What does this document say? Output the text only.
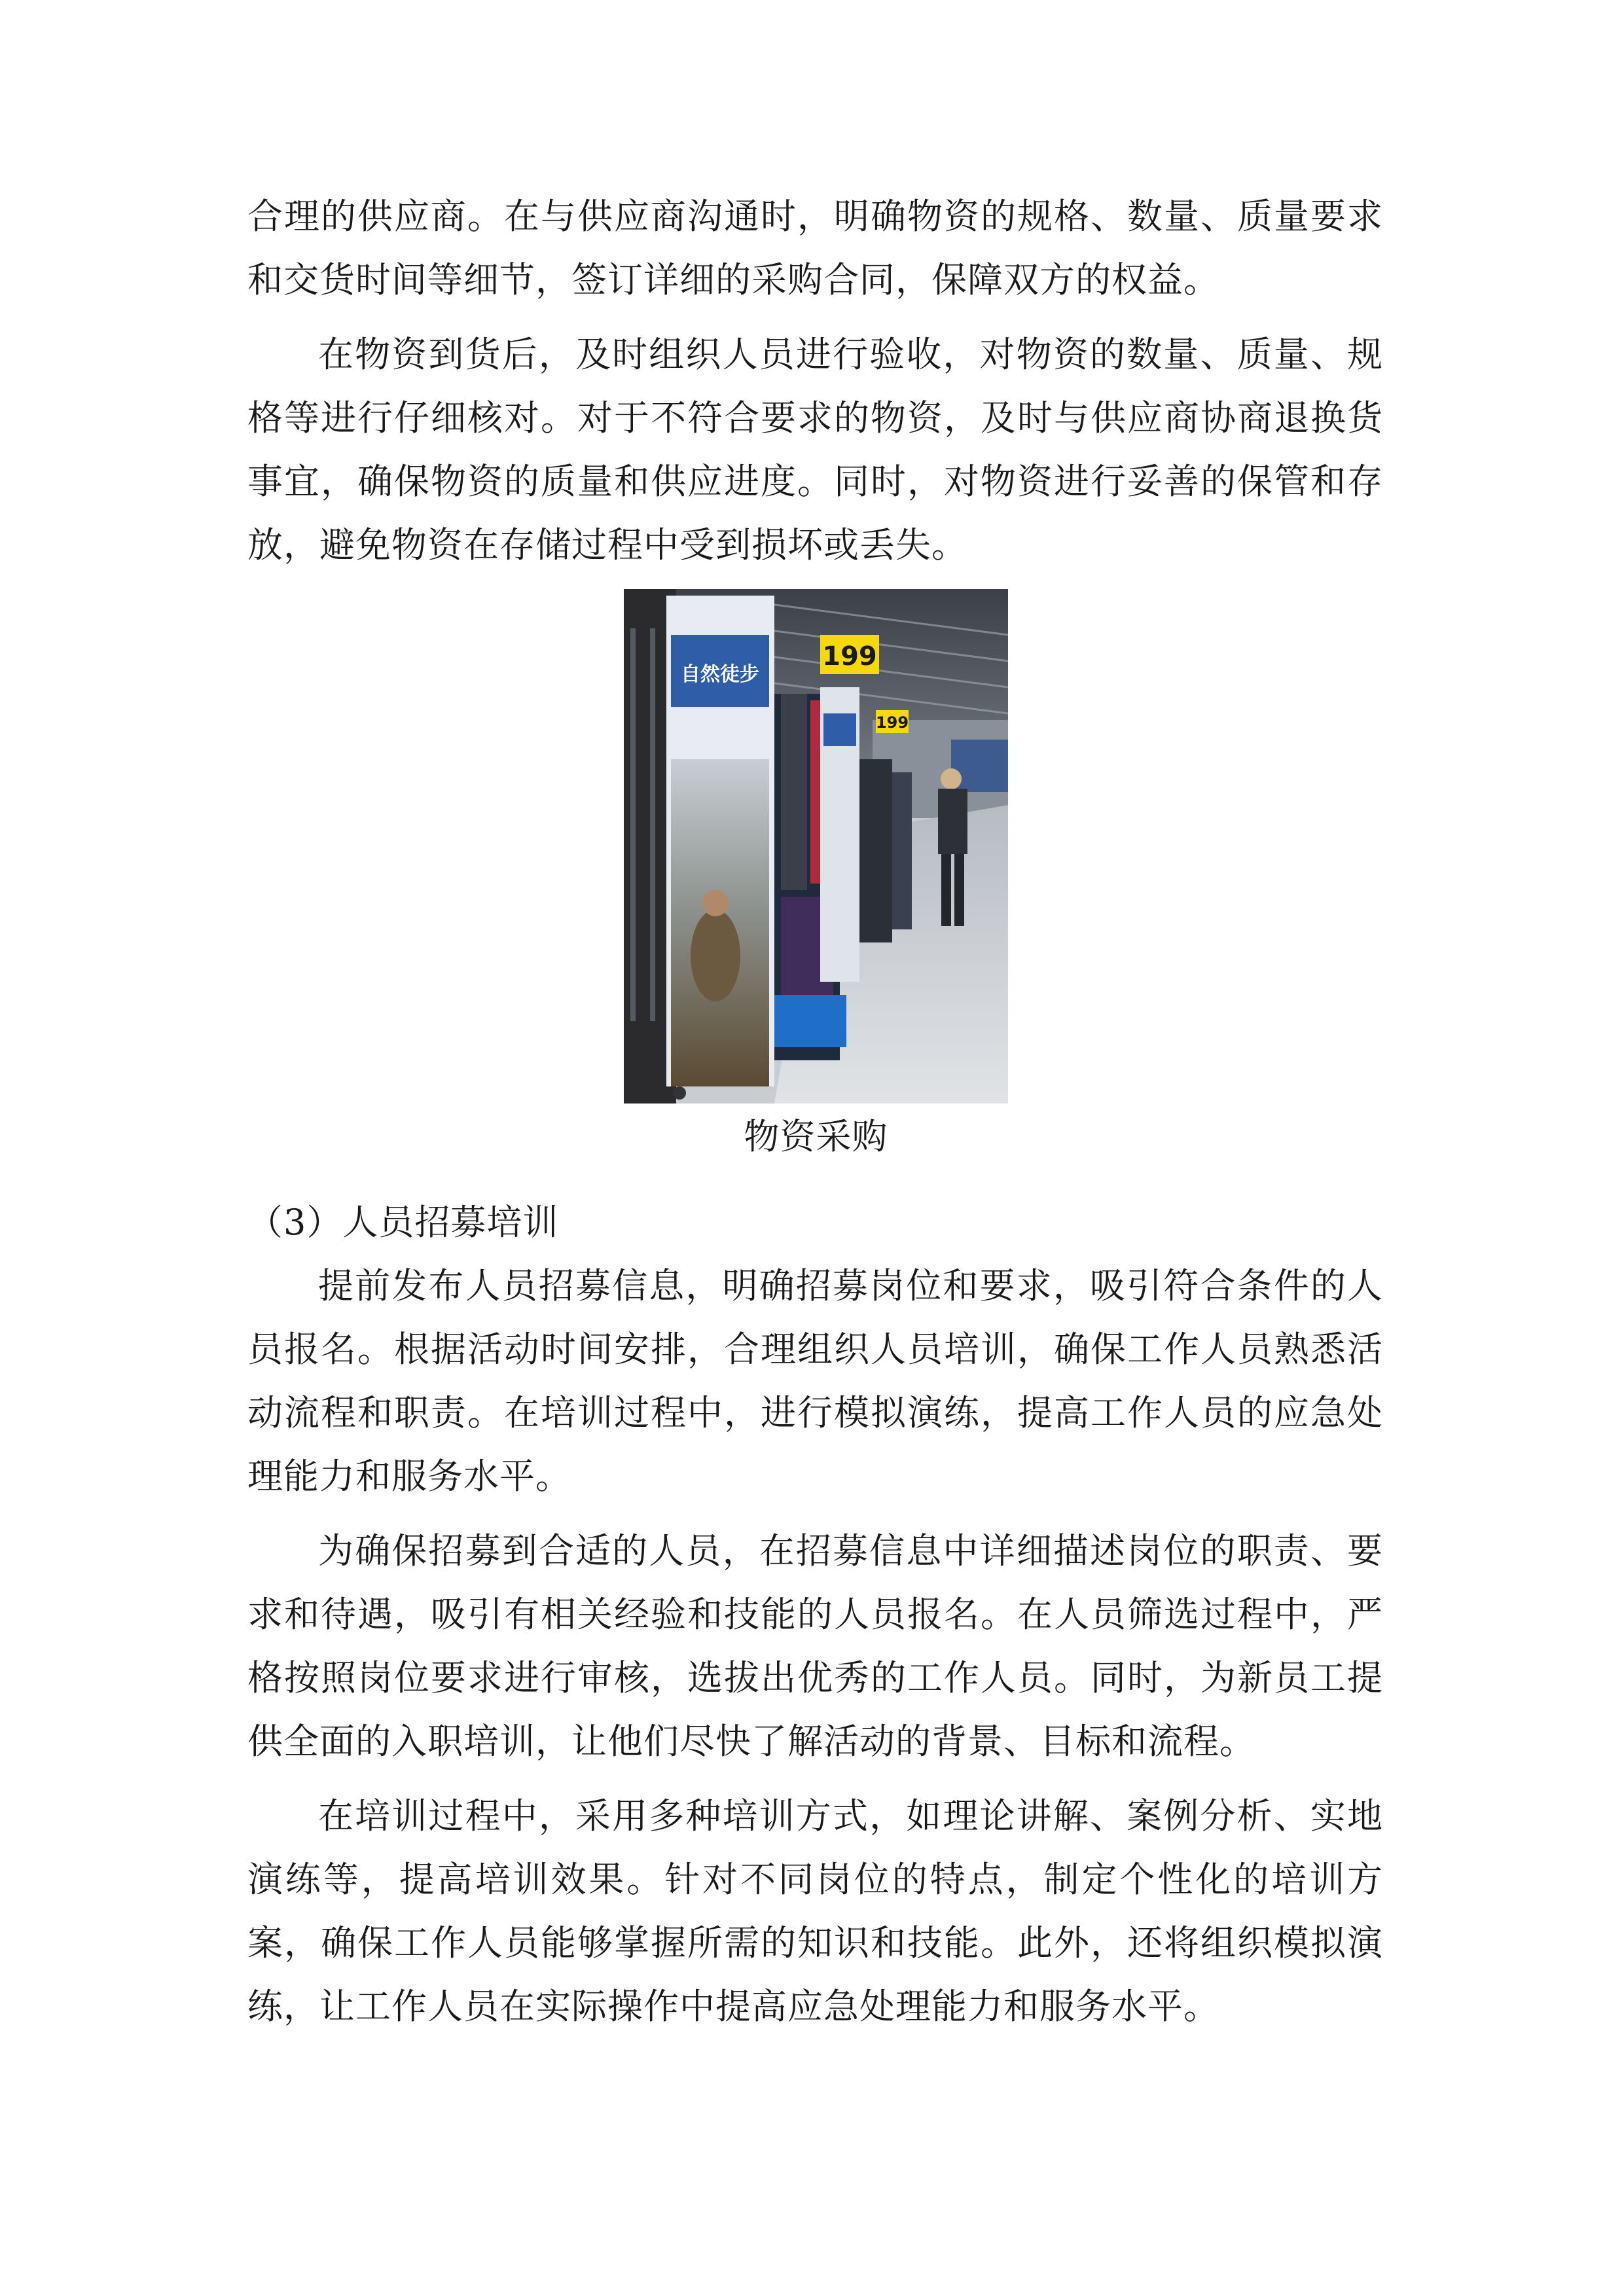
合理的供应商。在与供应商沟通时，明确物资的规格、数量、质量要求和交货时间等细节，签订详细的采购合同，保障双方的权益。

在物资到货后，及时组织人员进行验收，对物资的数量、质量、规格等进行仔细核对。对于不符合要求的物资，及时与供应商协商退换货事宜，确保物资的质量和供应进度。同时，对物资进行妥善的保管和存放，避免物资在存储过程中受到损坏或丢失。

自然徒步
199
199

物资采购

（3）人员招募培训

提前发布人员招募信息，明确招募岗位和要求，吸引符合条件的人员报名。根据活动时间安排，合理组织人员培训，确保工作人员熟悉活动流程和职责。在培训过程中，进行模拟演练，提高工作人员的应急处理能力和服务水平。

为确保招募到合适的人员，在招募信息中详细描述岗位的职责、要求和待遇，吸引有相关经验和技能的人员报名。在人员筛选过程中，严格按照岗位要求进行审核，选拔出优秀的工作人员。同时，为新员工提供全面的入职培训，让他们尽快了解活动的背景、目标和流程。

在培训过程中，采用多种培训方式，如理论讲解、案例分析、实地演练等，提高培训效果。针对不同岗位的特点，制定个性化的培训方案，确保工作人员能够掌握所需的知识和技能。此外，还将组织模拟演练，让工作人员在实际操作中提高应急处理能力和服务水平。
